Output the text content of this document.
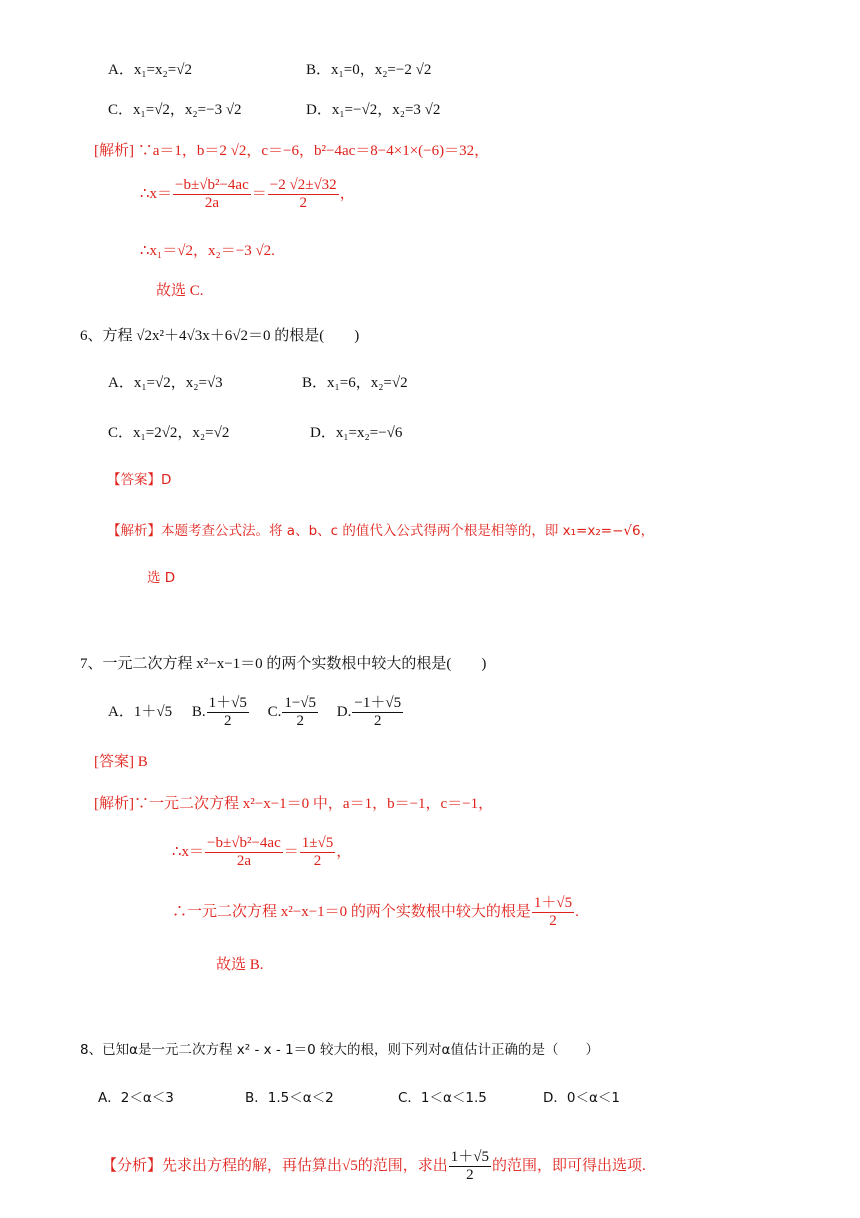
A．x₁=x₂=√2	B．x₁=0，x₂=−2 √2
C．x₁=√2，x₂=−3 √2	D．x₁=−√2，x₂=3 √2
[解析] ∵a＝1，b＝2 √2，c＝−6，b²−4ac＝8−4×1×(−6)＝32，
∴x＝ $\frac{\text{−b±√b²−4ac}}{2a} = \frac{-2 √2\pm√32}{2}$ ，
∴x₁＝√2，x₂＝−3 √2.
故选 C.
6、方程 √2x²＋4√3x＋6√2＝0 的根是(　　)
A．x₁=√2，x₂=√3	B．x₁=6，x₂=√2
C．x₁=2√2，x₂=√2	D．x₁=x₂=−√6
【答案】D
【解析】本题考查公式法。将 a、b、c 的值代入公式得两个根是相等的，即 x₁=x₂=−√6，
选 D
7、一元二次方程 x²−x−1＝0 的两个实数根中较大的根是(　　)
A．1＋√5 B. $\frac{1+√5}{2} C$. $\frac{1-√5}{2} D$. $\frac{-1+√5}{2}$
[答案] B
[解析]∵一元二次方程 x²−x−1＝0 中，a＝1，b＝−1，c＝−1，
∴x＝ $\frac{\text{−b±√b²−4ac}}{2a} = \frac{1\pm√5}{2}$ ，
∴一元二次方程 x²−x−1＝0 的两个实数根中较大的根是 $\frac{1+√5}{2}$ .
故选 B.
8、已知α是一元二次方程 x² - x - 1＝0 较大的根，则下列对α值估计正确的是（　　）
A．2＜α＜3	B．1.5＜α＜2	C．1＜α＜1.5	D．0＜α＜1
【分析】先求出方程的解，再估算出√5的范围，求出 $\frac{1+√5}{2}$ 的范围，即可得出选项.
